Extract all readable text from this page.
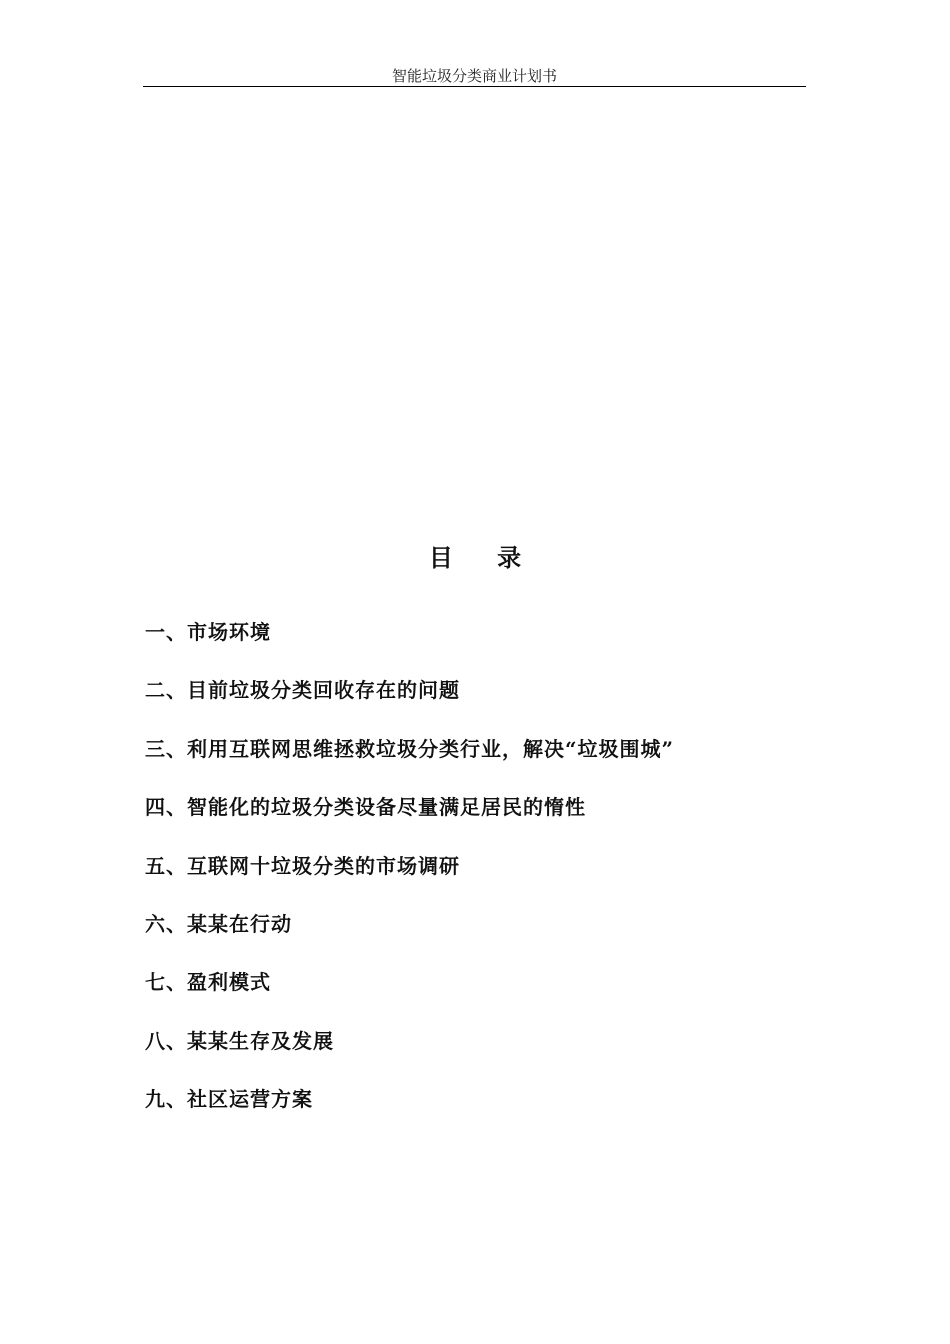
智能垃圾分类商业计划书
目 录
一、市场环境
二、目前垃圾分类回收存在的问题
三、利用互联网思维拯救垃圾分类行业，解决“垃圾围城”
四、智能化的垃圾分类设备尽量满足居民的惰性
五、互联网十垃圾分类的市场调研
六、某某在行动
七、盈利模式
八、某某生存及发展
九、社区运营方案
